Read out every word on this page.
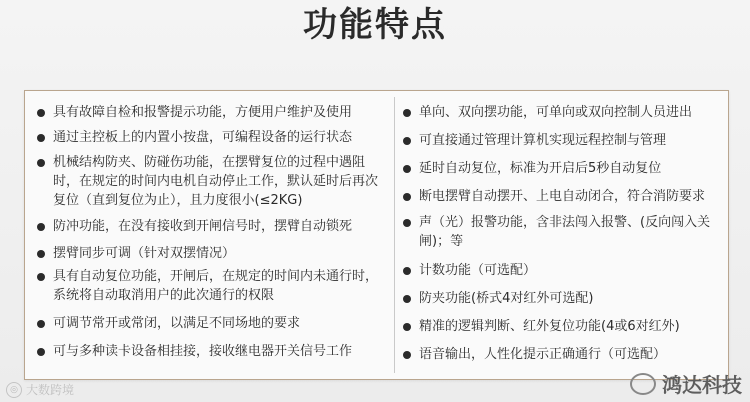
功能特点
具有故障自检和报警提示功能，方便用户维护及使用
通过主控板上的内置小按盘，可编程设备的运行状态
机械结构防夹、防碰伤功能，在摆臂复位的过程中遇阻时，在规定的时间内电机自动停止工作，默认延时后再次复位（直到复位为止），且力度很小(≤2KG)
防冲功能，在没有接收到开闸信号时，摆臂自动锁死
摆臂同步可调（针对双摆情况）
具有自动复位功能，开闸后，在规定的时间内未通行时，系统将自动取消用户的此次通行的权限
可调节常开或常闭，以满足不同场地的要求
可与多种读卡设备相挂接，接收继电器开关信号工作
单向、双向摆功能，可单向或双向控制人员进出
可直接通过管理计算机实现远程控制与管理
延时自动复位，标准为开启后5秒自动复位
断电摆臂自动摆开、上电自动闭合，符合消防要求
声（光）报警功能，含非法闯入报警、(反向闯入关闸)；等
计数功能（可选配）
防夹功能(桥式4对红外可选配)
精准的逻辑判断、红外复位功能(4或6对红外)
语音输出，人性化提示正确通行（可选配）
◎ 大数跨境	鸿达科技
